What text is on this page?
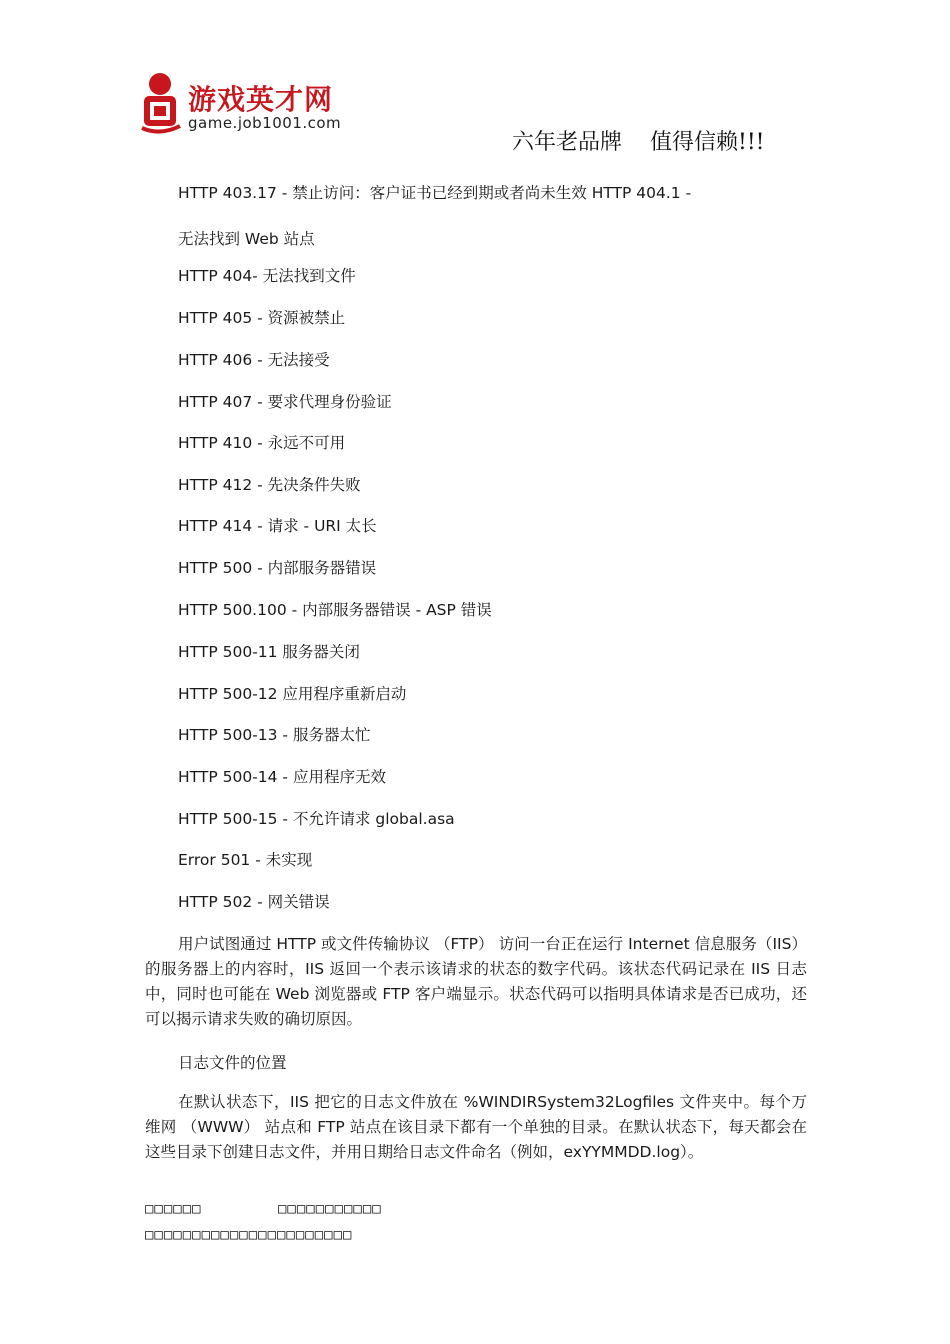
游戏英才网
game.job1001.com
六年老品牌    值得信赖!!!
HTTP 403.17 - 禁止访问：客户证书已经到期或者尚未生效 HTTP 404.1 -
无法找到 Web 站点
HTTP 404- 无法找到文件
HTTP 405 - 资源被禁止
HTTP 406 - 无法接受
HTTP 407 - 要求代理身份验证
HTTP 410 - 永远不可用
HTTP 412 - 先决条件失败
HTTP 414 - 请求 - URI 太长
HTTP 500 - 内部服务器错误
HTTP 500.100 - 内部服务器错误 - ASP 错误
HTTP 500-11 服务器关闭
HTTP 500-12 应用程序重新启动
HTTP 500-13 - 服务器太忙
HTTP 500-14 - 应用程序无效
HTTP 500-15 - 不允许请求 global.asa
Error 501 - 未实现
HTTP 502 - 网关错误
用户试图通过 HTTP 或文件传输协议 （FTP） 访问一台正在运行 Internet 信息服务（IIS） 的服务器上的内容时，IIS 返回一个表示该请求的状态的数字代码。该状态代码记录在 IIS 日志中，同时也可能在 Web 浏览器或 FTP 客户端显示。状态代码可以指明具体请求是否已成功，还可以揭示请求失败的确切原因。
日志文件的位置
在默认状态下，IIS 把它的日志文件放在 %WINDIRSystem32Logfiles 文件夹中。每个万维网 （WWW） 站点和 FTP 站点在该目录下都有一个单独的目录。在默认状态下，每天都会在这些目录下创建日志文件，并用日期给日志文件命名（例如，exYYMMDD.log）。
□□□□□□	□□□□□□□□□□□
□□□□□□□□□□□□□□□□□□□□□□
